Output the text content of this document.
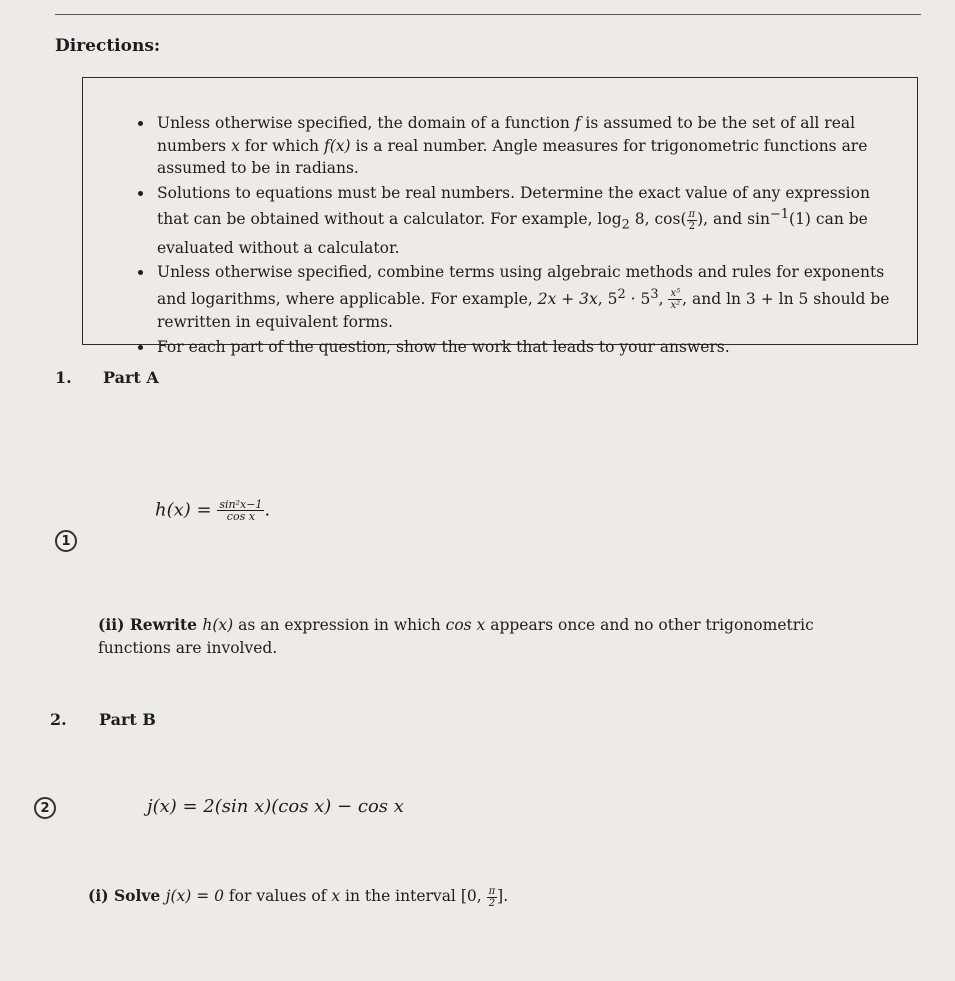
Directions:
Unless otherwise specified, the domain of a function f is assumed to be the set of all real numbers x for which f(x) is a real number. Angle measures for trigonometric functions are assumed to be in radians.
Solutions to equations must be real numbers. Determine the exact value of any expression that can be obtained without a calculator. For example, $\log_2 8$, $\cos( \frac{\pi}{2}$ ), and $\sin^{-1}(1)$ can be evaluated without a calculator.
Unless otherwise specified, combine terms using algebraic methods and rules for exponents and logarithms, where applicable. For example, 2x + 3x, $5^2 \cdot 5^3$, $\frac{\text{x⁵}}{\text{x²}}$ , and ln 3 + ln 5 should be rewritten in equivalent forms.
For each part of the question, show the work that leads to your answers.
1. Part A
$h(x) = \frac{\text{sin²x−1}}{\text{cos x}}$ .
1
(ii) Rewrite h(x) as an expression in which cos x appears once and no other trigonometric functions are involved.
2. Part B
2	j(x) = 2(sin x)(cos x) − cos x
(i) Solve j(x) = 0 for values of x in the interval [0, $\frac{\pi}{2}$ ].
